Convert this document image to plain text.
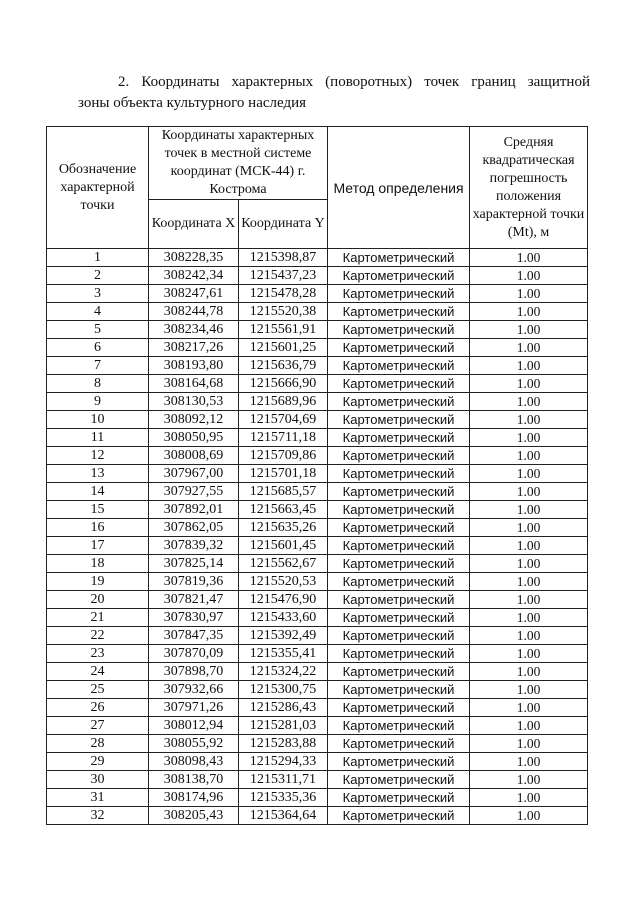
2. Координаты характерных (поворотных) точек границ защитной
зоны объекта культурного наследия
Обозначение характерной точки	Координаты характерных точек в местной системе координат (МСК-44) г. Кострома		Метод определения	Средняя квадратическая погрешность положения характерной точки (Mt), м
	Координата X	Координата Y		
1	308228,35	1215398,87	Картометрический	1.00
2	308242,34	1215437,23	Картометрический	1.00
3	308247,61	1215478,28	Картометрический	1.00
4	308244,78	1215520,38	Картометрический	1.00
5	308234,46	1215561,91	Картометрический	1.00
6	308217,26	1215601,25	Картометрический	1.00
7	308193,80	1215636,79	Картометрический	1.00
8	308164,68	1215666,90	Картометрический	1.00
9	308130,53	1215689,96	Картометрический	1.00
10	308092,12	1215704,69	Картометрический	1.00
11	308050,95	1215711,18	Картометрический	1.00
12	308008,69	1215709,86	Картометрический	1.00
13	307967,00	1215701,18	Картометрический	1.00
14	307927,55	1215685,57	Картометрический	1.00
15	307892,01	1215663,45	Картометрический	1.00
16	307862,05	1215635,26	Картометрический	1.00
17	307839,32	1215601,45	Картометрический	1.00
18	307825,14	1215562,67	Картометрический	1.00
19	307819,36	1215520,53	Картометрический	1.00
20	307821,47	1215476,90	Картометрический	1.00
21	307830,97	1215433,60	Картометрический	1.00
22	307847,35	1215392,49	Картометрический	1.00
23	307870,09	1215355,41	Картометрический	1.00
24	307898,70	1215324,22	Картометрический	1.00
25	307932,66	1215300,75	Картометрический	1.00
26	307971,26	1215286,43	Картометрический	1.00
27	308012,94	1215281,03	Картометрический	1.00
28	308055,92	1215283,88	Картометрический	1.00
29	308098,43	1215294,33	Картометрический	1.00
30	308138,70	1215311,71	Картометрический	1.00
31	308174,96	1215335,36	Картометрический	1.00
32	308205,43	1215364,64	Картометрический	1.00
